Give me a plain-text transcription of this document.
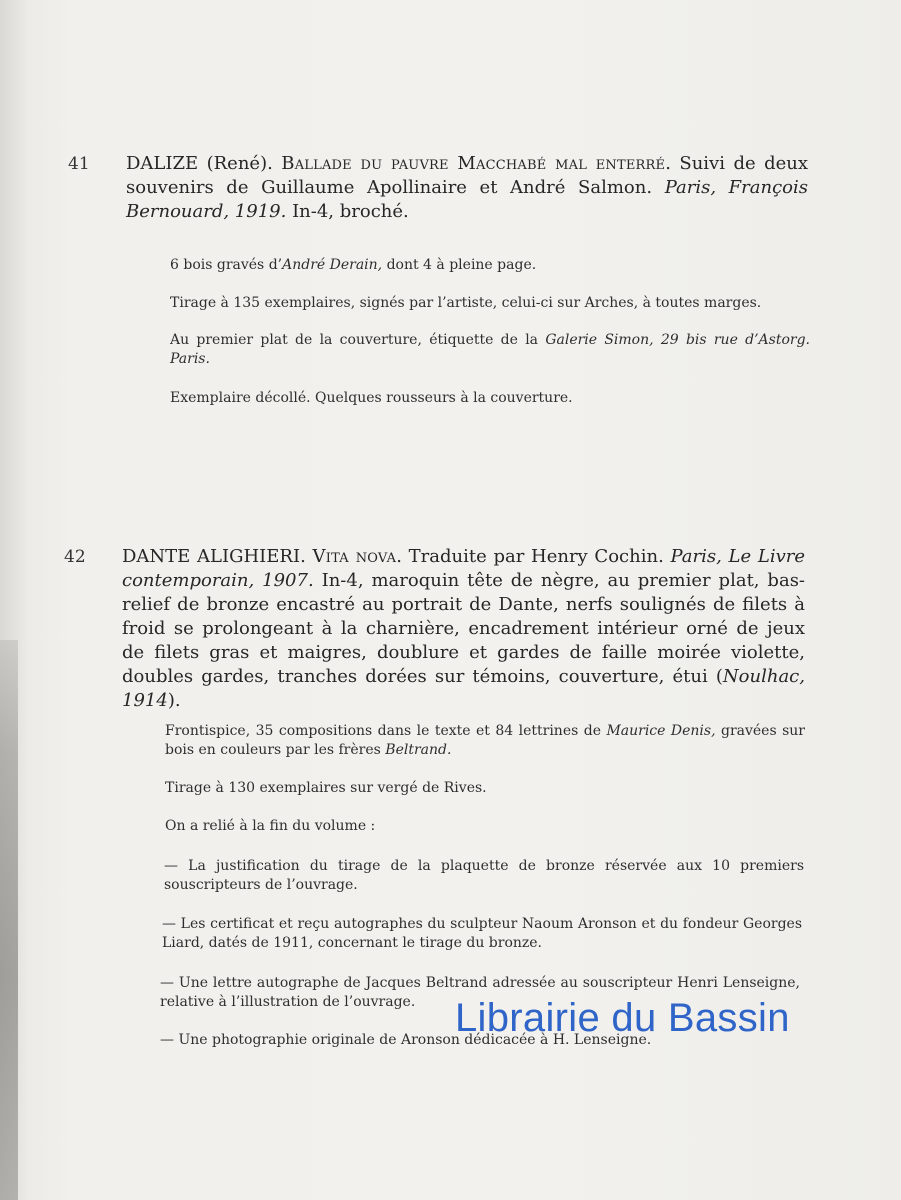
41 DALIZE (René). Ballade du pauvre Macchabé mal enterré. Suivi de deux souvenirs de Guillaume Apollinaire et André Salmon. Paris, François Bernouard, 1919. In-4, broché.
6 bois gravés d’André Derain, dont 4 à pleine page.
Tirage à 135 exemplaires, signés par l’artiste, celui-ci sur Arches, à toutes marges.
Au premier plat de la couverture, étiquette de la Galerie Simon, 29 bis rue d’Astorg. Paris.
Exemplaire décollé. Quelques rousseurs à la couverture.
42 DANTE ALIGHIERI. Vita nova. Traduite par Henry Cochin. Paris, Le Livre contemporain, 1907. In-4, maroquin tête de nègre, au premier plat, bas-relief de bronze encastré au portrait de Dante, nerfs soulignés de filets à froid se prolongeant à la charnière, encadrement intérieur orné de jeux de filets gras et maigres, doublure et gardes de faille moirée violette, doubles gardes, tranches dorées sur témoins, couverture, étui (Noulhac, 1914).
Frontispice, 35 compositions dans le texte et 84 lettrines de Maurice Denis, gravées sur bois en couleurs par les frères Beltrand.
Tirage à 130 exemplaires sur vergé de Rives.
On a relié à la fin du volume :
— La justification du tirage de la plaquette de bronze réservée aux 10 premiers souscripteurs de l’ouvrage.
— Les certificat et reçu autographes du sculpteur Naoum Aronson et du fondeur Georges Liard, datés de 1911, concernant le tirage du bronze.
— Une lettre autographe de Jacques Beltrand adressée au souscripteur Henri Lenseigne, relative à l’illustration de l’ouvrage.
— Une photographie originale de Aronson dédicacée à H. Lenseigne.
Librairie du Bassin
